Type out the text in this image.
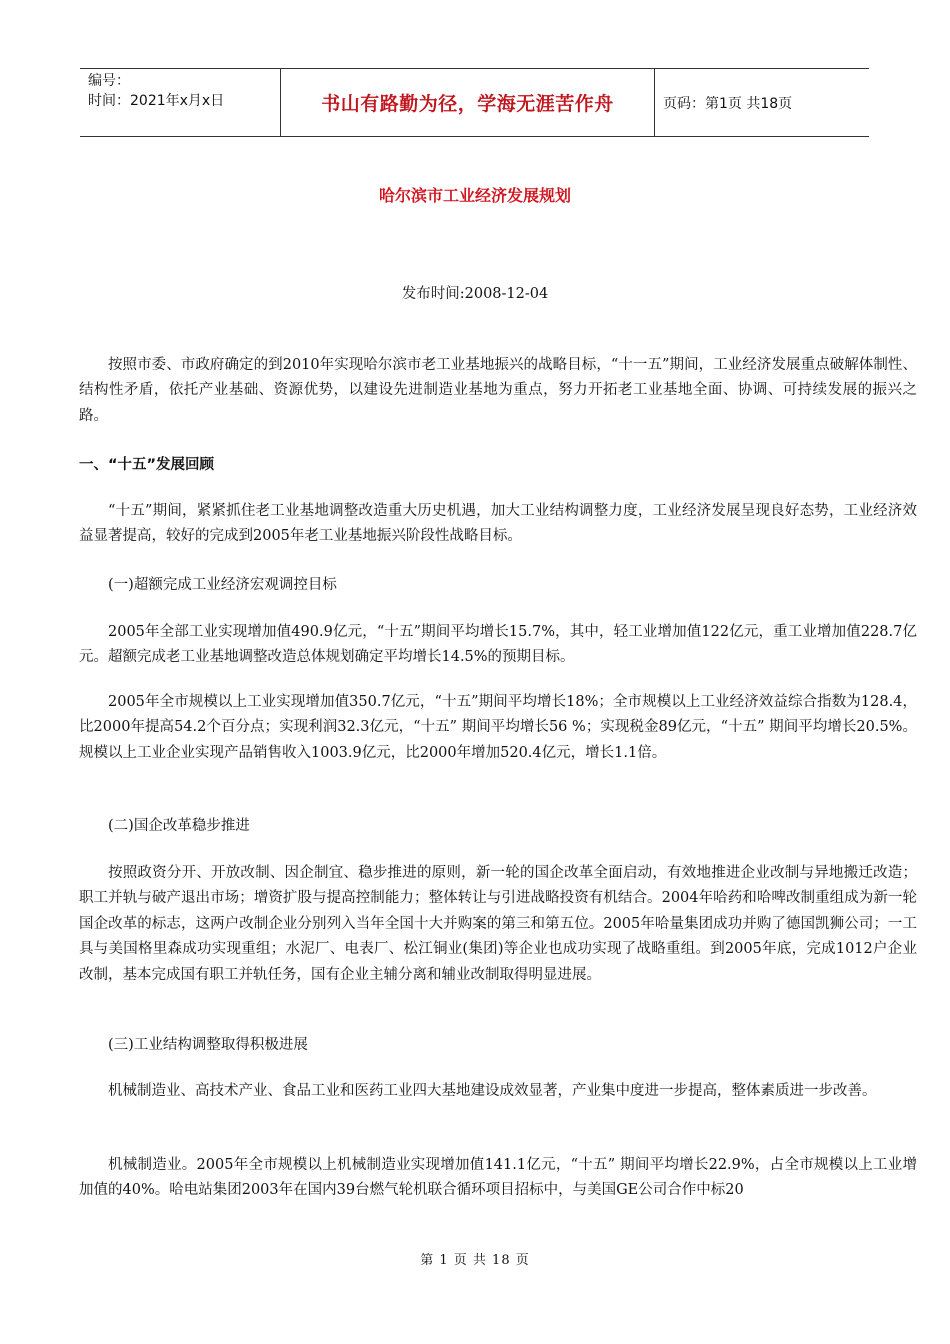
编号：
时间：2021年x月x日	书山有路勤为径，学海无涯苦作舟	页码：第1页 共18页
哈尔滨市工业经济发展规划
发布时间:2008-12-04

按照市委、市政府确定的到2010年实现哈尔滨市老工业基地振兴的战略目标，“十一五”期间，工业经济发展重点破解体制性、结构性矛盾，依托产业基础、资源优势，以建设先进制造业基地为重点，努力开拓老工业基地全面、协调、可持续发展的振兴之路。

一、“十五”发展回顾

“十五”期间，紧紧抓住老工业基地调整改造重大历史机遇，加大工业结构调整力度，工业经济发展呈现良好态势，工业经济效益显著提高，较好的完成到2005年老工业基地振兴阶段性战略目标。

(一)超额完成工业经济宏观调控目标

2005年全部工业实现增加值490.9亿元，“十五”期间平均增长15.7%，其中，轻工业增加值122亿元，重工业增加值228.7亿元。超额完成老工业基地调整改造总体规划确定平均增长14.5%的预期目标。

2005年全市规模以上工业实现增加值350.7亿元，“十五”期间平均增长18%；全市规模以上工业经济效益综合指数为128.4，比2000年提高54.2个百分点；实现利润32.3亿元，“十五” 期间平均增长56 %；实现税金89亿元，“十五” 期间平均增长20.5%。规模以上工业企业实现产品销售收入1003.9亿元，比2000年增加520.4亿元，增长1.1倍。

(二)国企改革稳步推进

按照政资分开、开放改制、因企制宜、稳步推进的原则，新一轮的国企改革全面启动，有效地推进企业改制与异地搬迁改造；职工并轨与破产退出市场；增资扩股与提高控制能力；整体转让与引进战略投资有机结合。2004年哈药和哈啤改制重组成为新一轮国企改革的标志，这两户改制企业分别列入当年全国十大并购案的第三和第五位。2005年哈量集团成功并购了德国凯狮公司；一工具与美国格里森成功实现重组；水泥厂、电表厂、松江铜业(集团)等企业也成功实现了战略重组。到2005年底，完成1012户企业改制，基本完成国有职工并轨任务，国有企业主辅分离和辅业改制取得明显进展。

(三)工业结构调整取得积极进展

机械制造业、高技术产业、食品工业和医药工业四大基地建设成效显著，产业集中度进一步提高，整体素质进一步改善。

机械制造业。2005年全市规模以上机械制造业实现增加值141.1亿元，“十五” 期间平均增长22.9%，占全市规模以上工业增加值的40%。哈电站集团2003年在国内39台燃气轮机联合循环项目招标中，与美国GE公司合作中标20

第 1 页 共 18 页
